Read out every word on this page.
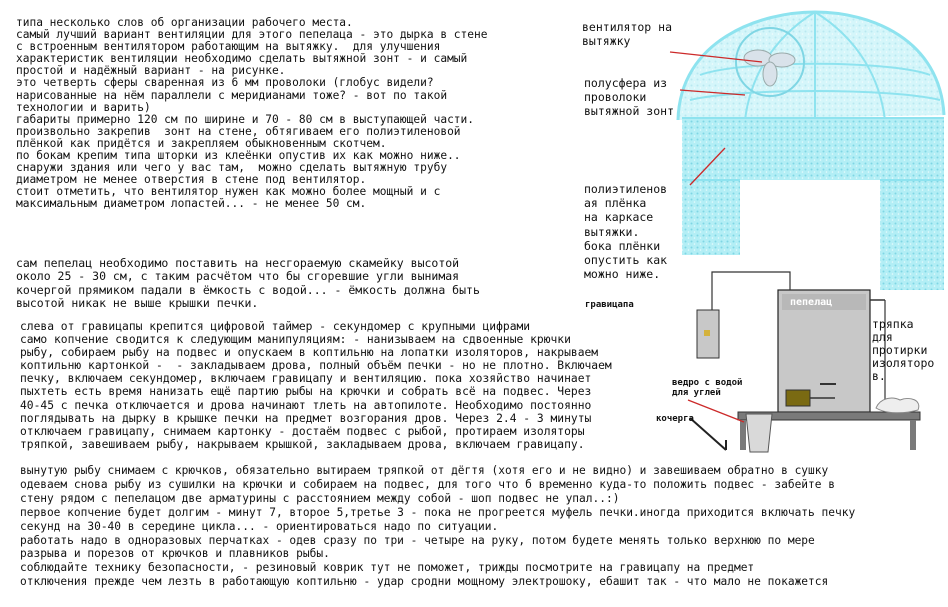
типа несколько слов об организации рабочего места.
самый лучший вариант вентиляции для этого пепелаца - это дырка в стене
с встроенным вентилятором работающим на вытяжку.  для улучшения
характеристик вентиляции необходимо сделать вытяжной зонт - и самый
простой и надёжный вариант - на рисунке.
это четверть сферы сваренная из 6 мм проволоки (глобус видели?
нарисованные на нём параллели с меридианами тоже? - вот по такой
технологии и варить)
габариты примерно 120 см по ширине и 70 - 80 см в выступающей части.
произвольно закрепив  зонт на стене, обтягиваем его полиэтиленовой
плёнкой как придётся и закрепляем обыкновенным скотчем.
по бокам крепим типа шторки из клеёнки опустив их как можно ниже..
снаружи здания или чего у вас там,  можно сделать вытяжную трубу
диаметром не менее отверстия в стене под вентилятор.
стоит отметить, что вентилятор нужен как можно более мощный и с
максимальным диаметром лопастей... - не менее 50 см.
сам пепелац необходимо поставить на несгораемую скамейку высотой
около 25 - 30 см, с таким расчётом что бы сгоревшие угли вынимая
кочергой прямиком падали в ёмкость с водой... - ёмкость должна быть
высотой никак не выше крышки печки.
слева от гравицапы крепится цифровой таймер - секундомер с крупными цифрами
само копчение сводится к следующим манипуляциям: - нанизываем на сдвоенные крючки
рыбу, собираем рыбу на подвес и опускаем в коптильню на лопатки изоляторов, накрываем
коптильню картонкой -  - закладываем дрова, полный объём печки - но не плотно. Включаем
печку, включаем секундомер, включаем гравицапу и вентиляцию. пока хозяйство начинает
пыхтеть есть время нанизать ещё партию рыбы на крючки и собрать всё на подвес. Через
40-45 с печка отключается и дрова начинают тлеть на автопилоте. Необходимо постоянно
поглядывать на дырку в крышке печки на предмет возгорания дров. Через 2.4 - 3 минуты
отключаем гравицапу, снимаем картонку - достаём подвес с рыбой, протираем изоляторы
тряпкой, завешиваем рыбу, накрываем крышкой, закладываем дрова, включаем гравицапу.
вынутую рыбу снимаем с крючков, обязательно вытираем тряпкой от дёгтя (хотя его и не видно) и завешиваем обратно в сушку
одеваем снова рыбу из сушилки на крючки и собираем на подвес, для того что б временно куда-то положить подвес - забейте в
стену рядом с пепелацом две арматурины с расстоянием между собой - шоп подвес не упал..:)
первое копчение будет долгим - минут 7, второе 5,третье 3 - пока не прогреется муфель печки.иногда приходится включать печку
секунд на 30-40 в середине цикла... - ориентироваться надо по ситуации.
работать надо в одноразовых перчатках - одев сразу по три - четыре на руку, потом будете менять только верхнюю по мере
разрыва и порезов от крючков и плавников рыбы.
соблюдайте технику безопасности, - резиновый коврик тут не поможет, трижды посмотрите на гравицапу на предмет
отключения прежде чем лезть в работающую коптильню - удар сродни мощному электрошоку, ебашит так - что мало не покажется
вентилятор на
вытяжку
полусфера из
проволоки
вытяжной зонт
полиэтиленов
ая плёнка
на каркасе
вытяжки.
бока плёнки
опустить как
можно ниже.
гравицапа	пепелац
тряпка
для
протирки
изоляторо
в.
ведро с водой
для углей
кочерга
